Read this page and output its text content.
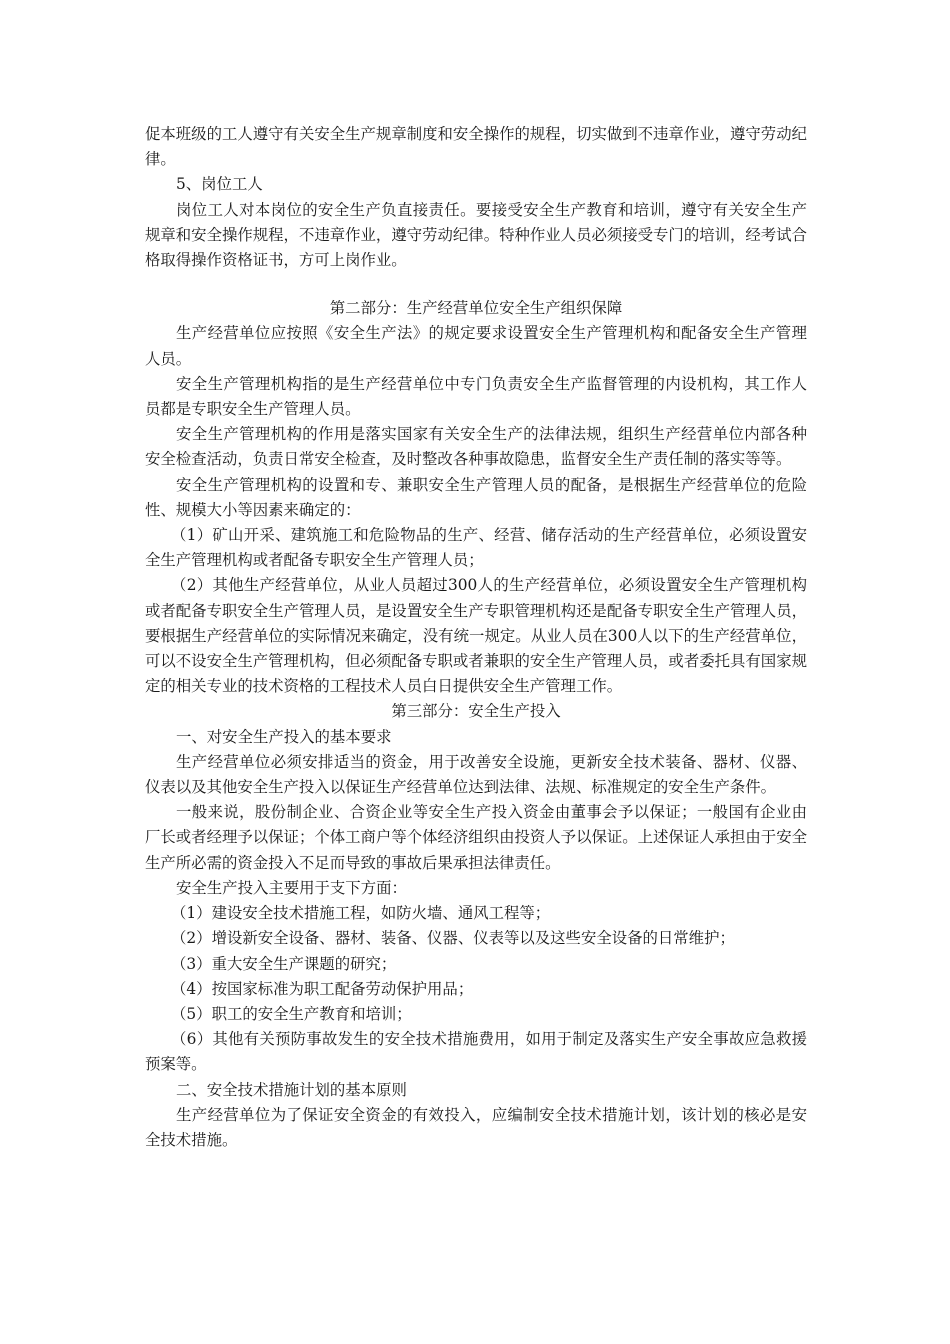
促本班级的工人遵守有关安全生产规章制度和安全操作的规程，切实做到不违章作业，遵守劳动纪律。

5、岗位工人

岗位工人对本岗位的安全生产负直接责任。要接受安全生产教育和培训，遵守有关安全生产规章和安全操作规程，不违章作业，遵守劳动纪律。特种作业人员必须接受专门的培训，经考试合格取得操作资格证书，方可上岗作业。

第二部分：生产经营单位安全生产组织保障

生产经营单位应按照《安全生产法》的规定要求设置安全生产管理机构和配备安全生产管理人员。

安全生产管理机构指的是生产经营单位中专门负责安全生产监督管理的内设机构，其工作人员都是专职安全生产管理人员。

安全生产管理机构的作用是落实国家有关安全生产的法律法规，组织生产经营单位内部各种安全检查活动，负责日常安全检查，及时整改各种事故隐患，监督安全生产责任制的落实等等。

安全生产管理机构的设置和专、兼职安全生产管理人员的配备，是根据生产经营单位的危险性、规模大小等因素来确定的：

（1）矿山开采、建筑施工和危险物品的生产、经营、储存活动的生产经营单位，必须设置安全生产管理机构或者配备专职安全生产管理人员；

（2）其他生产经营单位，从业人员超过300人的生产经营单位，必须设置安全生产管理机构或者配备专职安全生产管理人员，是设置安全生产专职管理机构还是配备专职安全生产管理人员，要根据生产经营单位的实际情况来确定，没有统一规定。从业人员在300人以下的生产经营单位，可以不设安全生产管理机构，但必须配备专职或者兼职的安全生产管理人员，或者委托具有国家规定的相关专业的技术资格的工程技术人员白日提供安全生产管理工作。

第三部分：安全生产投入

一、对安全生产投入的基本要求

生产经营单位必须安排适当的资金，用于改善安全设施，更新安全技术装备、器材、仪器、仪表以及其他安全生产投入以保证生产经营单位达到法律、法规、标准规定的安全生产条件。

一般来说，股份制企业、合资企业等安全生产投入资金由董事会予以保证；一般国有企业由厂长或者经理予以保证；个体工商户等个体经济组织由投资人予以保证。上述保证人承担由于安全生产所必需的资金投入不足而导致的事故后果承担法律责任。

安全生产投入主要用于支下方面：

（1）建设安全技术措施工程，如防火墙、通风工程等；

（2）增设新安全设备、器材、装备、仪器、仪表等以及这些安全设备的日常维护；

（3）重大安全生产课题的研究；

（4）按国家标准为职工配备劳动保护用品；

（5）职工的安全生产教育和培训；

（6）其他有关预防事故发生的安全技术措施费用，如用于制定及落实生产安全事故应急救援预案等。

二、安全技术措施计划的基本原则

生产经营单位为了保证安全资金的有效投入，应编制安全技术措施计划，该计划的核必是安全技术措施。
